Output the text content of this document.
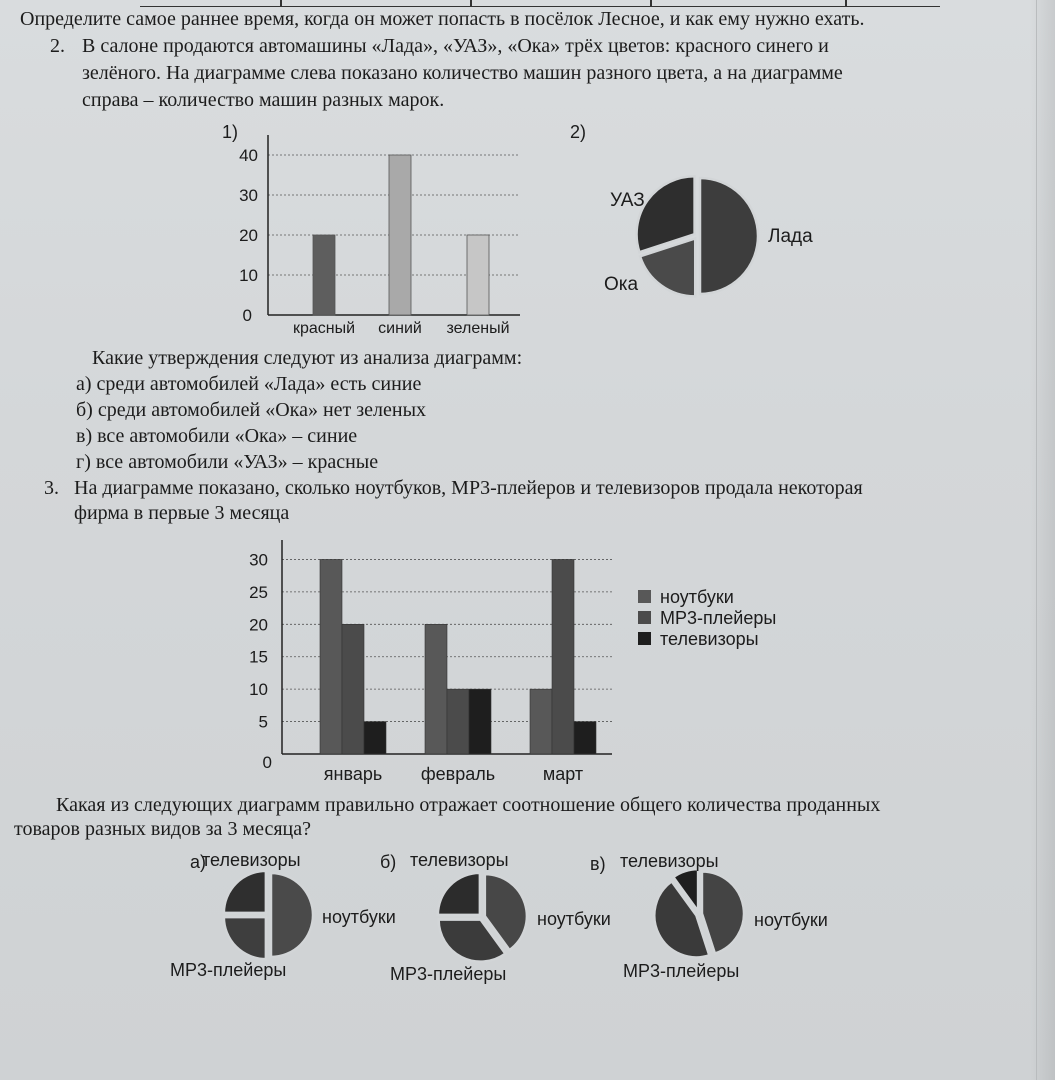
Определите самое раннее время, когда он может попасть в посёлок Лесное, и как ему нужно ехать.
2. В салоне продаются автомашины «Лада», «УАЗ», «Ока» трёх цветов: красного синего и
зелёного. На диаграмме слева показано количество машин разного цвета, а на диаграмме
справа – количество машин разных марок.
1)
0
10
20
30
40
красный синий зеленый
2)
Лада
Ока
УАЗ
0
5
10
15
20
25
30
январь февраль	март
ноутбуки
MP3-плейеры
телевизоры
а)
телевизоры
ноутбуки
MP3-плейеры
б) телевизоры
ноутбуки
MP3-плейеры
в) телевизоры
ноутбуки
MP3-плейеры
Какие утверждения следуют из анализа диаграмм:
а) среди автомобилей «Лада» есть синие
б) среди автомобилей «Ока» нет зеленых
в) все автомобили «Ока» – синие
г) все автомобили «УАЗ» – красные
3. На диаграмме показано, сколько ноутбуков, MP3-плейеров и телевизоров продала некоторая
фирма в первые 3 месяца
Какая из следующих диаграмм правильно отражает соотношение общего количества проданных
товаров разных видов за 3 месяца?
